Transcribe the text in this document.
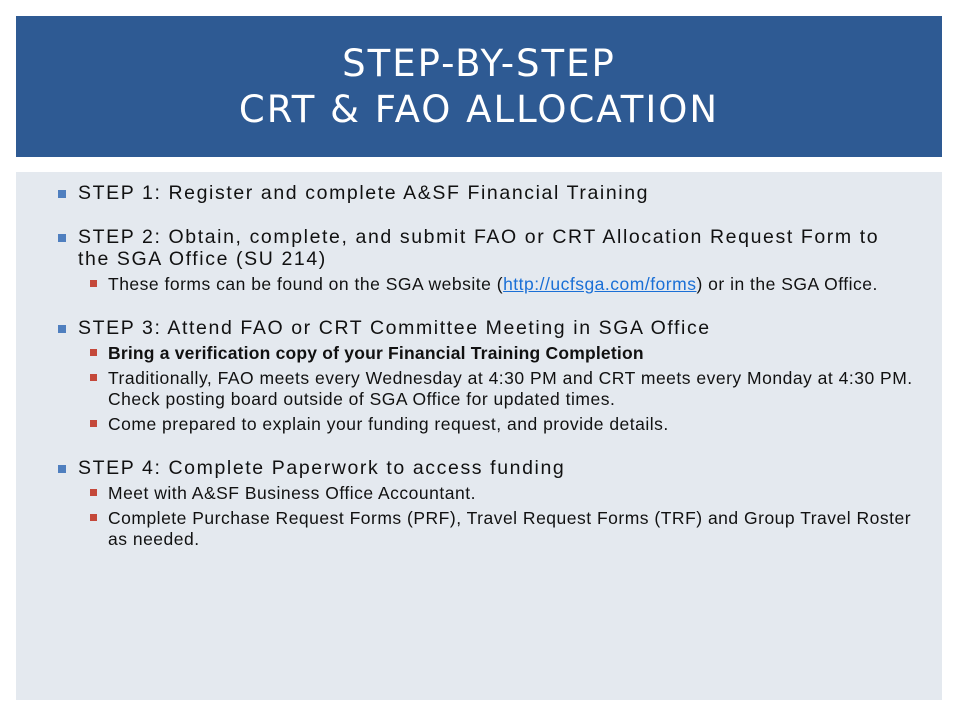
STEP-BY-STEP
CRT & FAO ALLOCATION
STEP 1: Register and complete A&SF Financial Training
STEP 2: Obtain, complete, and submit FAO or CRT Allocation Request Form to the SGA Office (SU 214)
These forms can be found on the SGA website (http://ucfsga.com/forms) or in the SGA Office.
STEP 3: Attend FAO or CRT Committee Meeting in SGA Office
Bring a verification copy of your Financial Training Completion
Traditionally, FAO meets every Wednesday at 4:30 PM and CRT meets every Monday at 4:30 PM. Check posting board outside of SGA Office for updated times.
Come prepared to explain your funding request, and provide details.
STEP 4: Complete Paperwork to access funding
Meet with A&SF Business Office Accountant.
Complete Purchase Request Forms (PRF), Travel Request Forms (TRF) and Group Travel Roster as needed.
